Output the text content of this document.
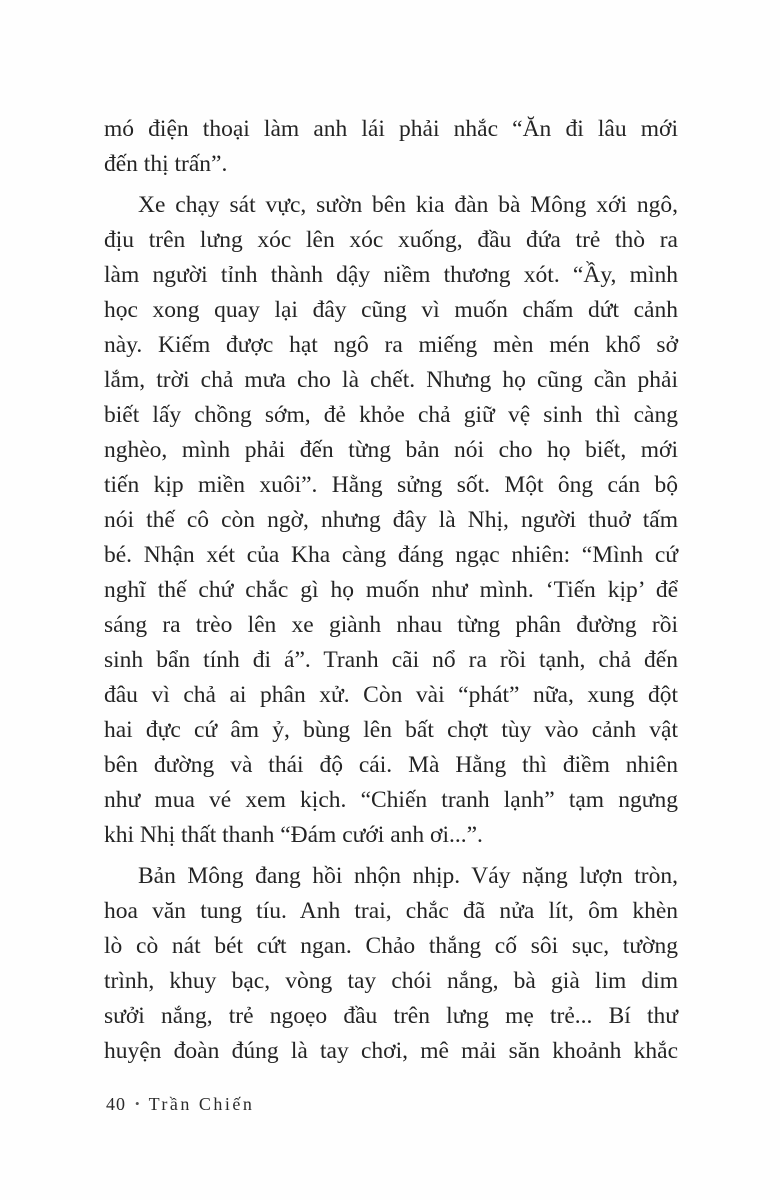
mó điện thoại làm anh lái phải nhắc “Ăn đi lâu mới
đến thị trấn”.
Xe chạy sát vực, sườn bên kia đàn bà Mông xới ngô,
địu trên lưng xóc lên xóc xuống, đầu đứa trẻ thò ra
làm người tỉnh thành dậy niềm thương xót. “Ầy, mình
học xong quay lại đây cũng vì muốn chấm dứt cảnh
này. Kiếm được hạt ngô ra miếng mèn mén khổ sở
lắm, trời chả mưa cho là chết. Nhưng họ cũng cần phải
biết lấy chồng sớm, đẻ khỏe chả giữ vệ sinh thì càng
nghèo, mình phải đến từng bản nói cho họ biết, mới
tiến kịp miền xuôi”. Hằng sửng sốt. Một ông cán bộ
nói thế cô còn ngờ, nhưng đây là Nhị, người thuở tấm
bé. Nhận xét của Kha càng đáng ngạc nhiên: “Mình cứ
nghĩ thế chứ chắc gì họ muốn như mình. ‘Tiến kịp’ để
sáng ra trèo lên xe giành nhau từng phân đường rồi
sinh bẩn tính đi á”. Tranh cãi nổ ra rồi tạnh, chả đến
đâu vì chả ai phân xử. Còn vài “phát” nữa, xung đột
hai đực cứ âm ỷ, bùng lên bất chợt tùy vào cảnh vật
bên đường và thái độ cái. Mà Hằng thì điềm nhiên
như mua vé xem kịch. “Chiến tranh lạnh” tạm ngưng
khi Nhị thất thanh “Đám cưới anh ơi...”.
Bản Mông đang hồi nhộn nhịp. Váy nặng lượn tròn,
hoa văn tung tíu. Anh trai, chắc đã nửa lít, ôm khèn
lò cò nát bét cứt ngan. Chảo thắng cố sôi sục, tường
trình, khuy bạc, vòng tay chói nắng, bà già lim dim
sưởi nắng, trẻ ngoẹo đầu trên lưng mẹ trẻ... Bí thư
huyện đoàn đúng là tay chơi, mê mải săn khoảnh khắc
40 • Trần Chiến
